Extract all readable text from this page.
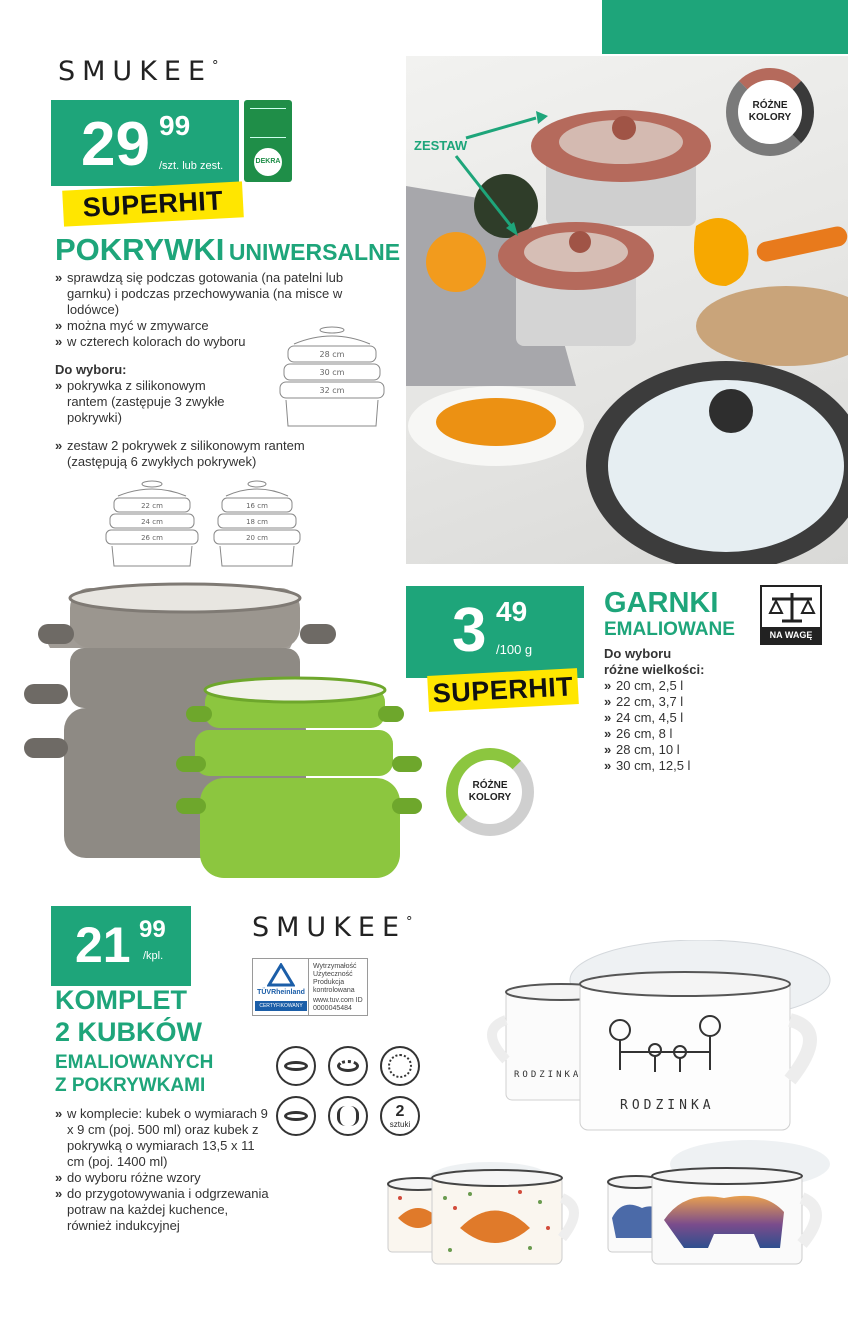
SMUKEE°
29 99
/szt. lub zest.	DEKRA
SUPERHIT
POKRYWKI UNIWERSALNE
» sprawdzą się podczas gotowania (na patelni lub garnku) i podczas przechowywania (na misce w lodówce)
» można myć w zmywarce
» w czterech kolorach do wyboru
Do wyboru:
» pokrywka z silikonowym rantem (zastępuje 3 zwykłe pokrywki)
» zestaw 2 pokrywek z silikonowym rantem (zastępują 6 zwykłych pokrywek)
28 cm
30 cm
32 cm
22 cm
24 cm
26 cm
16 cm
18 cm
20 cm
ZESTAW
RÓŻNE KOLORY
3 49
/100 g
SUPERHIT
GARNKI
EMALIOWANE	NA WAGĘ
Do wyboru
różne wielkości:
» 20 cm, 2,5 l
» 22 cm, 3,7 l
» 24 cm, 4,5 l
» 26 cm, 8 l
» 28 cm, 10 l
» 30 cm, 12,5 l
RÓŻNE KOLORY
21 99
/kpl.
SMUKEE°
TÜVRheinland
CERTYFIKOWANY
Wytrzymałość Użyteczność Produkcja kontrolowana
www.tuv.com ID 0000045484
KOMPLET
2 KUBKÓW
EMALIOWANYCH
Z POKRYWKAMI
2
sztuki
» w komplecie: kubek o wymiarach 9 x 9 cm (poj. 500 ml) oraz kubek z pokrywką o wymiarach 13,5 x 11 cm (poj. 1400 ml)
» do wyboru różne wzory
» do przygotowywania i odgrzewania potraw na każdej kuchence, również indukcyjnej
RODZINKA
RODZINKA
